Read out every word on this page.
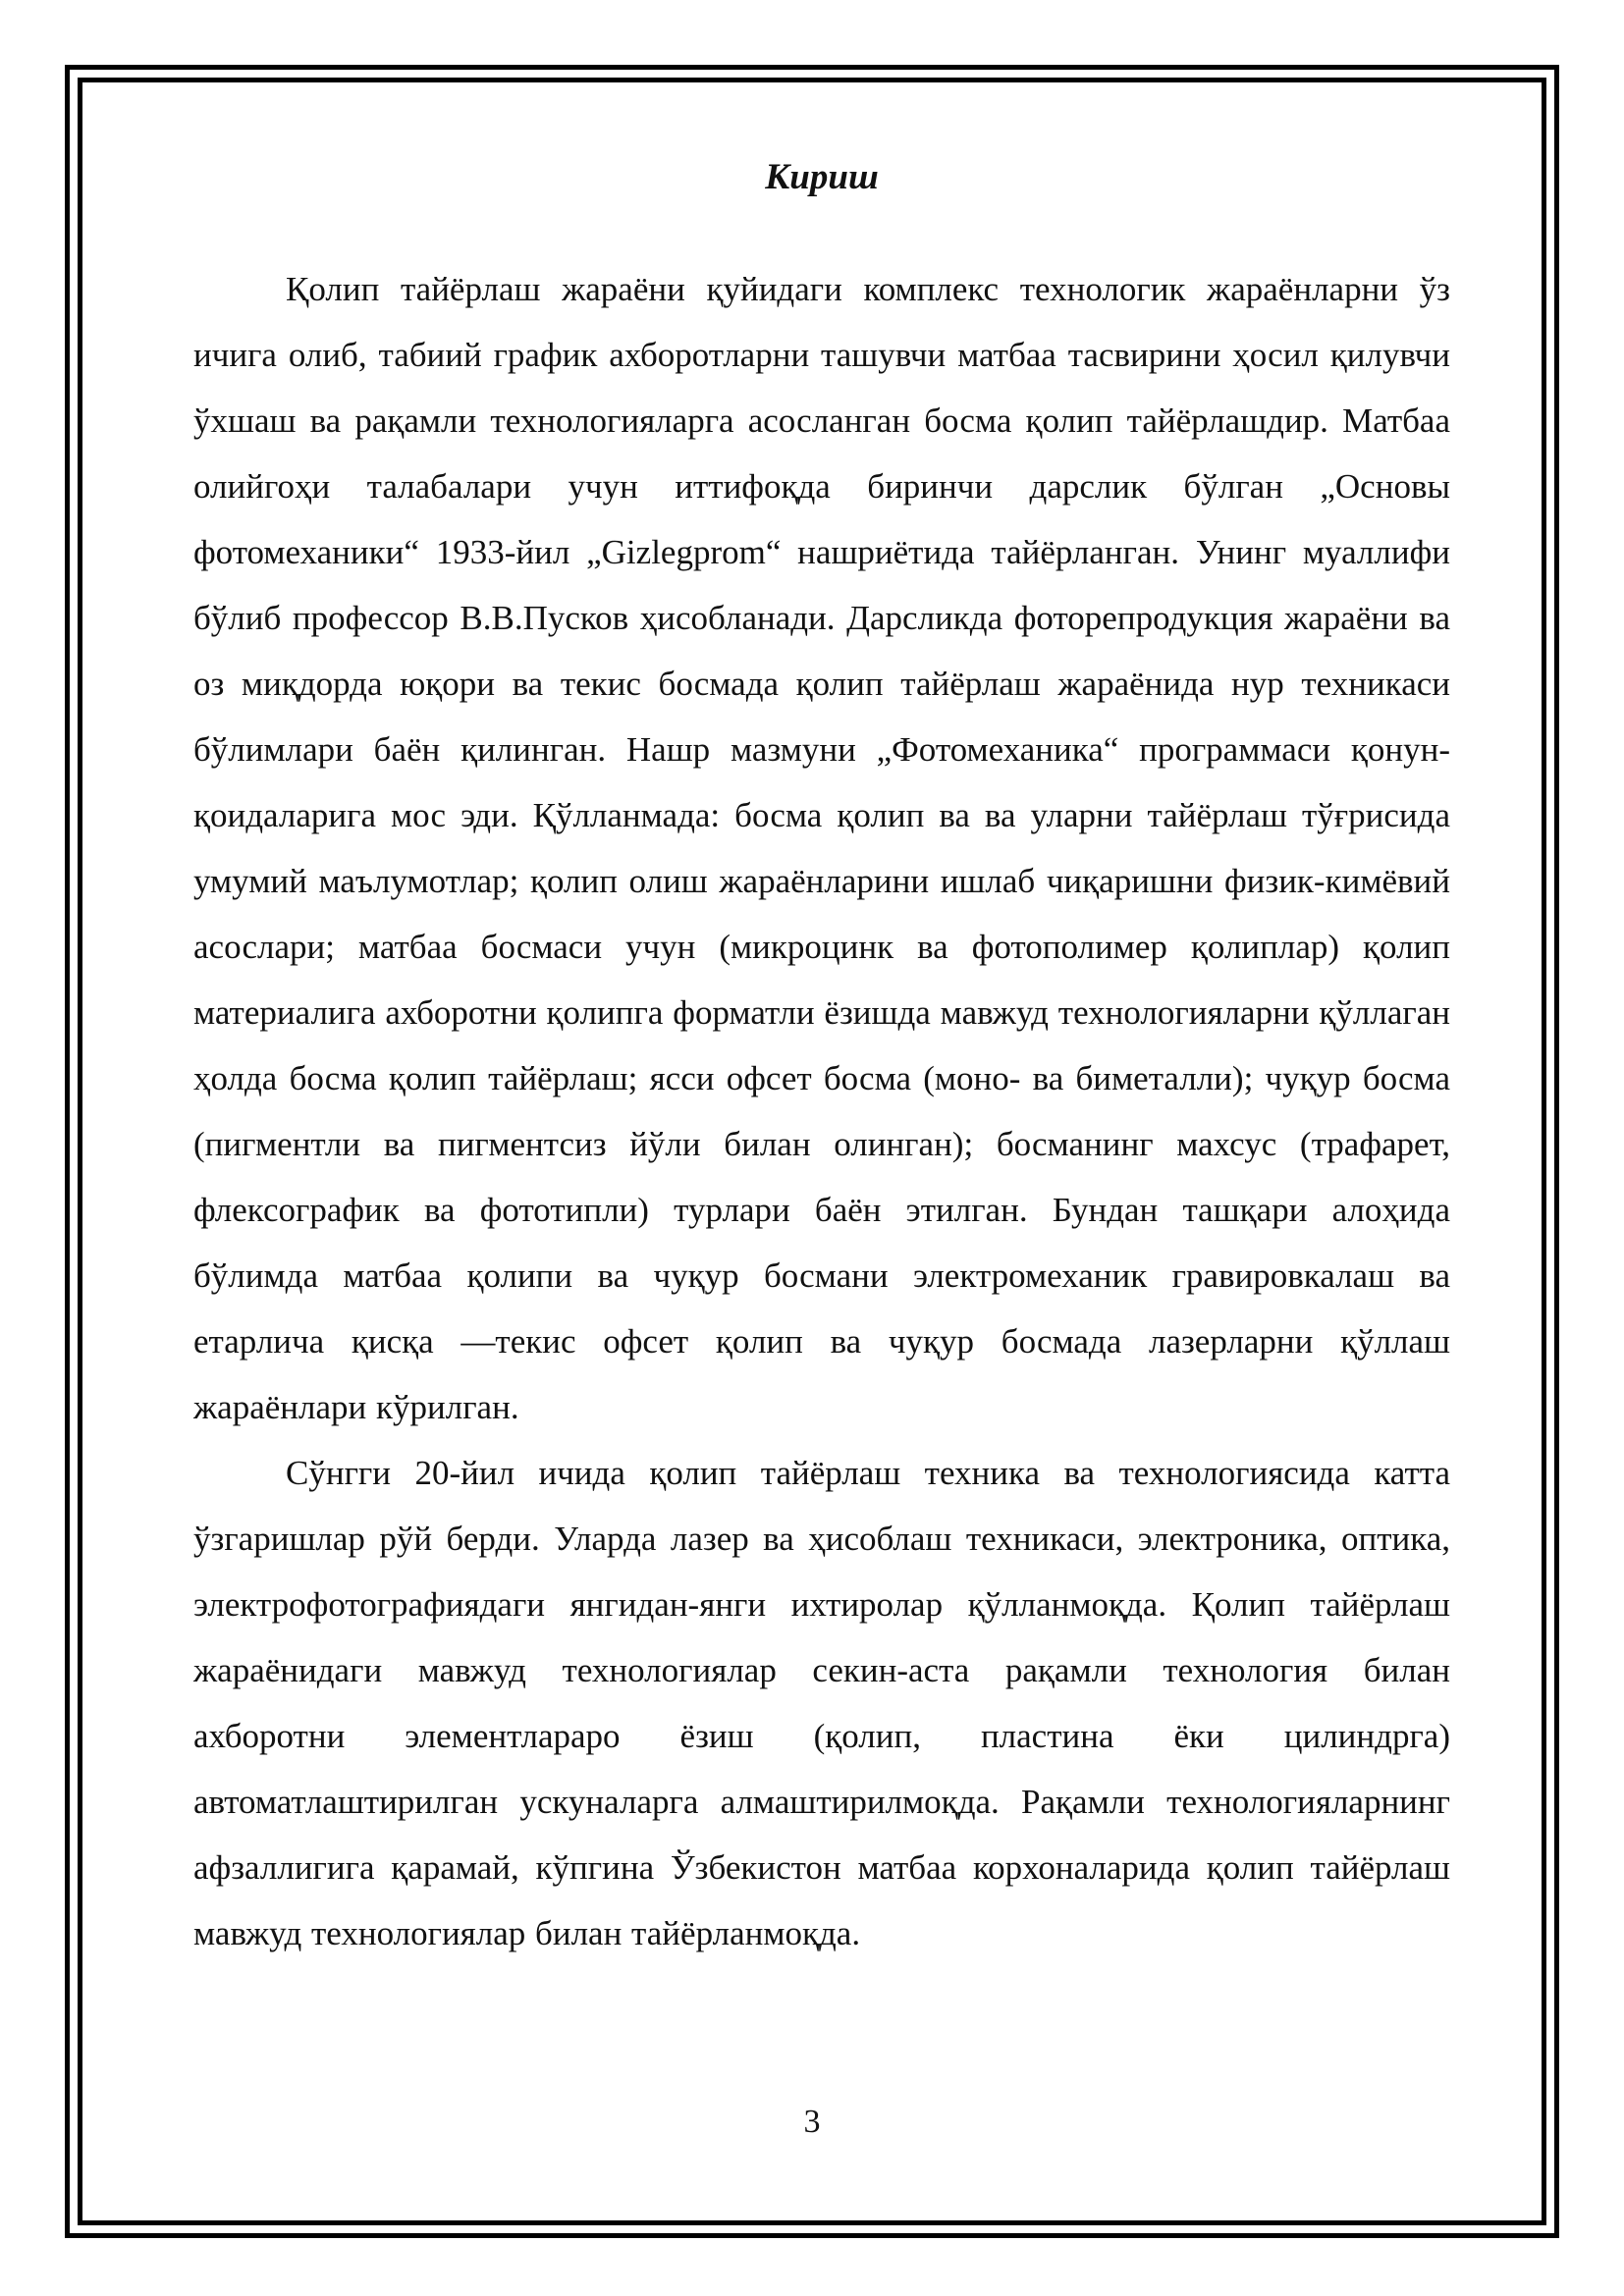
Кириш

Қолип тайёрлаш жараёни қуйидаги комплекс технологик жараёнларни ўз ичига олиб, табиий график ахборотларни ташувчи матбаа тасвирини ҳосил қилувчи ўхшаш ва рақамли технологияларга асосланган босма қолип тайёрлашдир. Матбаа олийгоҳи талабалари учун иттифоқда биринчи дарслик бўлган „Основы фотомеханики“ 1933-йил „Gizlegprom“ нашриётида тайёрланган. Унинг муаллифи бўлиб профессор В.В.Пусков ҳисобланади. Дарсликда фоторепродукция жараёни ва оз миқдорда юқори ва текис босмада қолип тайёрлаш жараёнида нур техникаси бўлимлари баён қилинган. Нашр мазмуни „Фотомеханика“ программаси қонун-қоидаларига мос эди. Қўлланмада: босма қолип ва ва уларни тайёрлаш тўғрисида умумий маълумотлар; қолип олиш жараёнларини ишлаб чиқаришни физик-кимёвий асослари; матбаа босмаси учун (микроцинк ва фотополимер қолиплар) қолип материалига ахборотни қолипга форматли ёзишда мавжуд технологияларни қўллаган ҳолда босма қолип тайёрлаш; ясси офсет босма (моно- ва биметалли); чуқур босма (пигментли ва пигментсиз йўли билан олинган); босманинг махсус (трафарет, флексографик ва фототипли) турлари баён этилган. Бундан ташқари алоҳида бўлимда матбаа қолипи ва чуқур босмани электромеханик гравировкалаш ва етарлича қисқа —текис офсет қолип ва чуқур босмада лазерларни қўллаш жараёнлари кўрилган.

Сўнгги 20-йил ичида қолип тайёрлаш техника ва технологиясида катта ўзгаришлар рўй берди. Уларда лазер ва ҳисоблаш техникаси, электроника, оптика, электрофотографиядаги янгидан-янги ихтиролар қўлланмоқда. Қолип тайёрлаш жараёнидаги мавжуд технологиялар секин-аста рақамли технология билан ахборотни элементлараро ёзиш (қолип, пластина ёки цилиндрга) автоматлаштирилган ускуналарга алмаштирилмоқда. Рақамли технологияларнинг афзаллигига қарамай, кўпгина Ўзбекистон матбаа корхоналарида қолип тайёрлаш мавжуд технологиялар билан тайёрланмоқда.

3
